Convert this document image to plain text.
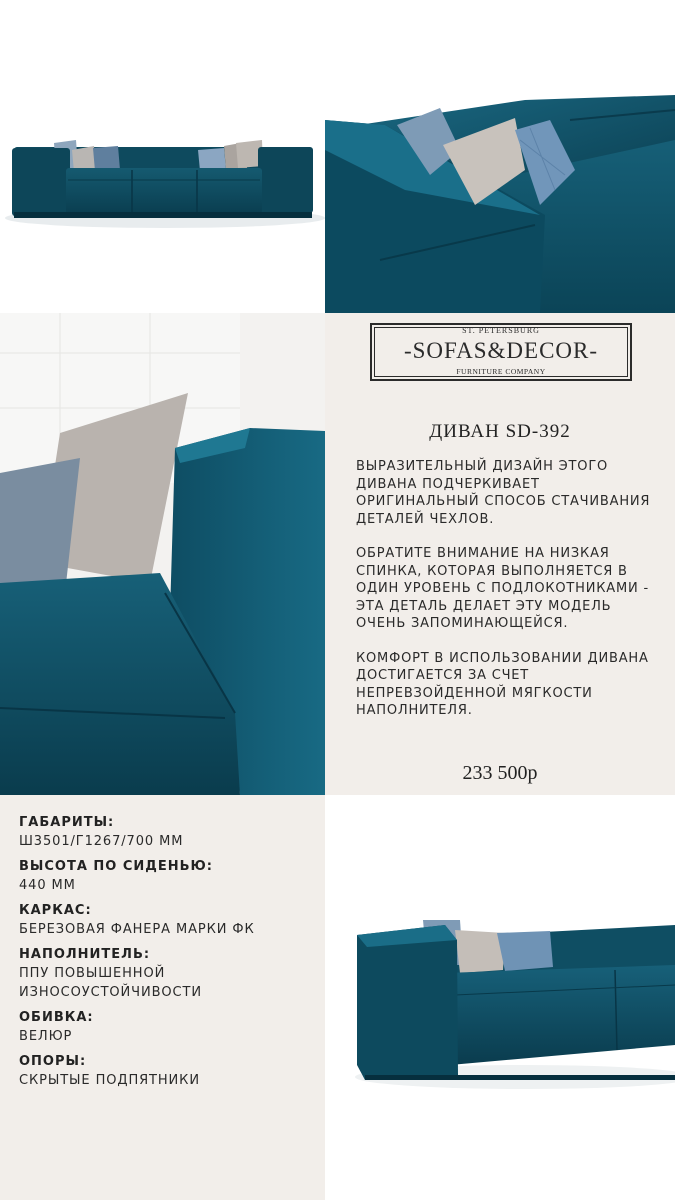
ST. PETERSBURG
-SOFAS&DECOR-
FURNITURE COMPANY
ДИВАН SD-392

ВЫРАЗИТЕЛЬНЫЙ ДИЗАЙН ЭТОГО ДИВАНА ПОДЧЕРКИВАЕТ ОРИГИНАЛЬНЫЙ СПОСОБ СТАЧИВАНИЯ ДЕТАЛЕЙ ЧЕХЛОВ.

ОБРАТИТЕ ВНИМАНИЕ НА НИЗКАЯ СПИНКА, КОТОРАЯ ВЫПОЛНЯЕТСЯ В ОДИН УРОВЕНЬ С ПОДЛОКОТНИКАМИ - ЭТА ДЕТАЛЬ ДЕЛАЕТ ЭТУ МОДЕЛЬ ОЧЕНЬ ЗАПОМИНАЮЩЕЙСЯ.

КОМФОРТ В ИСПОЛЬЗОВАНИИ ДИВАНА ДОСТИГАЕТСЯ ЗА СЧЕТ НЕПРЕВЗОЙДЕННОЙ МЯГКОСТИ НАПОЛНИТЕЛЯ.

233 500р
ГАБАРИТЫ:
Ш3501/Г1267/700 ММ
ВЫСОТА ПО СИДЕНЬЮ:
440 ММ
КАРКАС:
БЕРЕЗОВАЯ ФАНЕРА МАРКИ ФК
НАПОЛНИТЕЛЬ:
ППУ ПОВЫШЕННОЙ ИЗНОСОУСТОЙЧИВОСТИ
ОБИВКА:
ВЕЛЮР
ОПОРЫ:
СКРЫТЫЕ ПОДПЯТНИКИ
